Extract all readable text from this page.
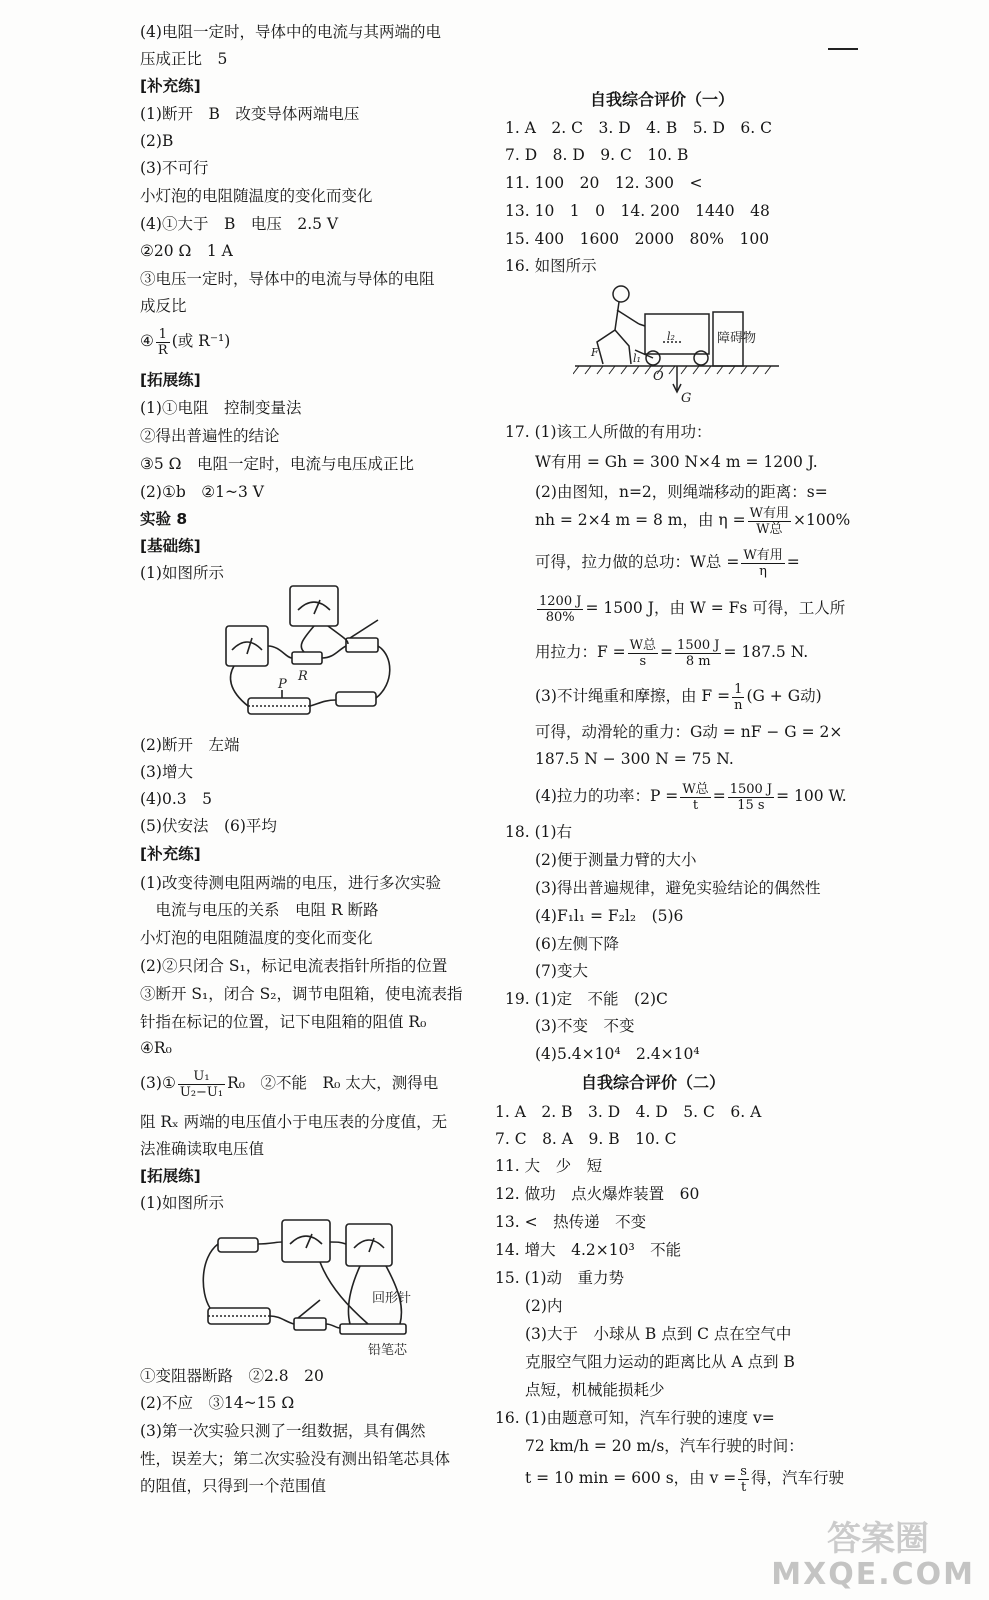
(4)电阻一定时，导体中的电流与其两端的电
压成正比　5
[补充练]
(1)断开　B　改变导体两端电压
(2)B
(3)不可行
小灯泡的电阻随温度的变化而变化
(4)①大于　B　电压　2.5 V
②20 Ω　1 A
③电压一定时，导体中的电流与导体的电阻
成反比
④ $\frac{1}{R}$ (或 R⁻¹)
[拓展练]
(1)①电阻　控制变量法
②得出普遍性的结论
③5 Ω　电阻一定时，电流与电压成正比
(2)①b　②1~3 V
实验 8
[基础练]
(1)如图所示
R
P
(2)断开　左端
(3)增大
(4)0.3　5
(5)伏安法　(6)平均
[补充练]
(1)改变待测电阻两端的电压，进行多次实验
　电流与电压的关系　电阻 R 断路
小灯泡的电阻随温度的变化而变化
(2)②只闭合 S₁，标记电流表指针所指的位置
③断开 S₁，闭合 S₂，调节电阻箱，使电流表指
针指在标记的位置，记下电阻箱的阻值 R₀
④R₀
(3)① $\frac{\text{U₁}}{\text{U₂−U₁}} R_0$　②不能　R₀ 太大，测得电
阻 Rₓ 两端的电压值小于电压表的分度值，无
法准确读取电压值
[拓展练]
(1)如图所示
回形针
铅笔芯
①变阻器断路　②2.8　20
(2)不应　③14~15 Ω
(3)第一次实验只测了一组数据，具有偶然
性，误差大；第二次实验没有测出铅笔芯具体
的阻值，只得到一个范围值
自我综合评价（一）
1. A　2. C　3. D　4. B　5. D　6. C
7. D　8. D　9. C　10. B
11. 100　20　12. 300　<
13. 10　1　0　14. 200　1440　48
15. 400　1600　2000　80%　100
16. 如图所示
障碍物
O
G
l₁
l₂
F
17. (1)该工人所做的有用功：
W有用 = Gh = 300 N×4 m = 1200 J.
(2)由图知，n=2，则绳端移动的距离：s=
nh = 2×4 m = 8 m，由 $\eta = \frac{\text{W有用}}{\text{W总}} \times 100\%$
可得，拉力做的总功：W总 = $\frac{\text{W有用}}{\eta}$ =
$\frac{1200 J}{80\%} = 1500$ J，由 W = Fs 可得，工人所
用拉力：$F = \frac{\text{W总}}{s} = \frac{1500 J}{8 m} = 187.5$ N.
(3)不计绳重和摩擦，由 $F = \frac{1}{n} (G + G$动)
可得，动滑轮的重力：G动 = nF − G = 2×
187.5 N − 300 N = 75 N.
(4)拉力的功率：$P = \frac{\text{W总}}{t} = \frac{1500 J}{15 s} = 100$ W.
18. (1)右
(2)便于测量力臂的大小
(3)得出普遍规律，避免实验结论的偶然性
(4)F₁l₁ = F₂l₂　(5)6
(6)左侧下降
(7)变大
19. (1)定　不能　(2)C
(3)不变　不变
(4)5.4×10⁴　2.4×10⁴
自我综合评价（二）
1. A　2. B　3. D　4. D　5. C　6. A
7. C　8. A　9. B　10. C
11. 大　少　短
12. 做功　点火爆炸装置　60
13. <　热传递　不变
14. 增大　4.2×10³　不能
15. (1)动　重力势
(2)内
(3)大于　小球从 B 点到 C 点在空气中
克服空气阻力运动的距离比从 A 点到 B
点短，机械能损耗少
16. (1)由题意可知，汽车行驶的速度 v=
72 km/h = 20 m/s，汽车行驶的时间：
t = 10 min = 600 s，由 $v = \frac{s}{t}$ 得，汽车行驶
答案圈
MXQE.COM
